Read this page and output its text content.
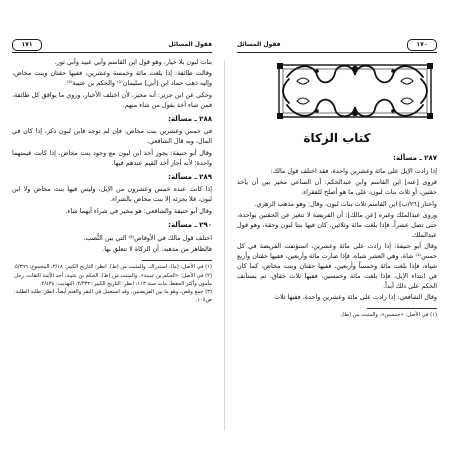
١٧٠
فقول المسائل
كتاب الزكاة
٢٨٧ ـ مسألة:

إذا زادت الإبل على مائة وعشرين واحدة، فقد اختلف قول مالك:

فروى [عنه] ابن القاسم وابن عبدالحكم: أن الساعي مخير بين أن يأخذ حقتين، أو ثلاث بنات لبون، على ما هو أصلح للفقراء.

واختار [٢٦/ب] ابن القاسم ثلاث بنات لبون، وقال: وهو مذهب الزهري.

وروى عبدالملك وغيره [عن مالك]: أن الفريضة لا تتغير عن الحقتين بواحدة، حتى تصل عشراً، فإذا بلغت مائة وثلاثين، كان فيها بنتا لبون وحقة، وهو قول عبدالملك.

وقال أبو حنيفة: إذا زادت على مائة وعشرين، استؤنفت الفريضة في كل خمس⁽¹⁾ شاة، وهي العشر شياه، فإذا صارت مائة وأربعين، ففيها حقتان وأربع شياه، فإذا بلغت مائة وخمساً وأربعين، ففيها حقتان وبنت مخاض، كما كان في ابتداء الإبل، فإذا بلغت مائة وخمسين، ففيها ثلاث حقاق، ثم يستأنف الحكم على ذلك أبداً.

وقال الشافعي: إذا زادت على مائة وعشرين واحدة، ففيها ثلاث

(١) في الأصل: «خمسين»، والمثبت من (ط).

١٧١	فقول المسائل

بنات لبون بلا خيار، وهو قول ابن القاسم وأبي عبيد وأبي ثور.

وقالت طائفة: إذا بلغت مائة وخمسة وعشرين، ففيها حقتان وبنت مخاض، وإليه ذهب حماد ابن [أبي] سليمان⁽¹⁾ والحكم بن عتيبة⁽²⁾.

وحكى عن ابن جرير: أنه مخير، لأن اختلف الأخبار، وروي ما يوافق كل طائفة، فمن شاء أخذ بقول من شاء منهم.

٢٨٨ ـ مسألة:

في خمس وعشرين بنت مخاض، فإن لم توجد فابن لبون ذكر، إذا كان في المال، وبه قال الشافعي.

وقال أبو حنيفة: يجوز أخذ ابن لبون مع وجود بنت مخاض، إذا كانت قيمتهما واحدة؛ لأنه أجاز أخذ القيم عندهم فيها.

٢٨٩ ـ مسألة:

إذا كانت عنده خمس وعشرون من الإبل، وليس فيها بنت مخاض ولا ابن لبون، فلا يجزئه إلا بنت مخاض بالشراء.

وقال أبو حنيفة والشافعي: هو مخير في شراء أيهما شاء.

٢٩٠ ـ مسألة:

اختلف قول مالك في الأوقاص⁽³⁾ التي بين النُّصب.

فالظاهر من مذهبه: أن الزكاة لا تتعلق بها.

(١) في الأصل: (ما)، استدراك، والمثبت من (ط). انظر: التاريخ الكبير: ٣/١٨، المجموع: ٥/٣٦٦.

(٢) في الأصل: «الحكم بن عيينة»، والمثبت من (ط). الحكم بن عتيبة، أحد الأئمة الثقات، رجل مأمون وأكثر الحفظ، مات سنة ١١٣، انظر: التاريخ الكبير: ٢/٣٣٢، التهذيب: ٢/٤٣٤.

(٣) جمع وقص، وهو ما بين الفريضتين، وقد استعمل في البقر والغنم أيضاً، انظر: طلبة الطلبة: ص١٠٤.
